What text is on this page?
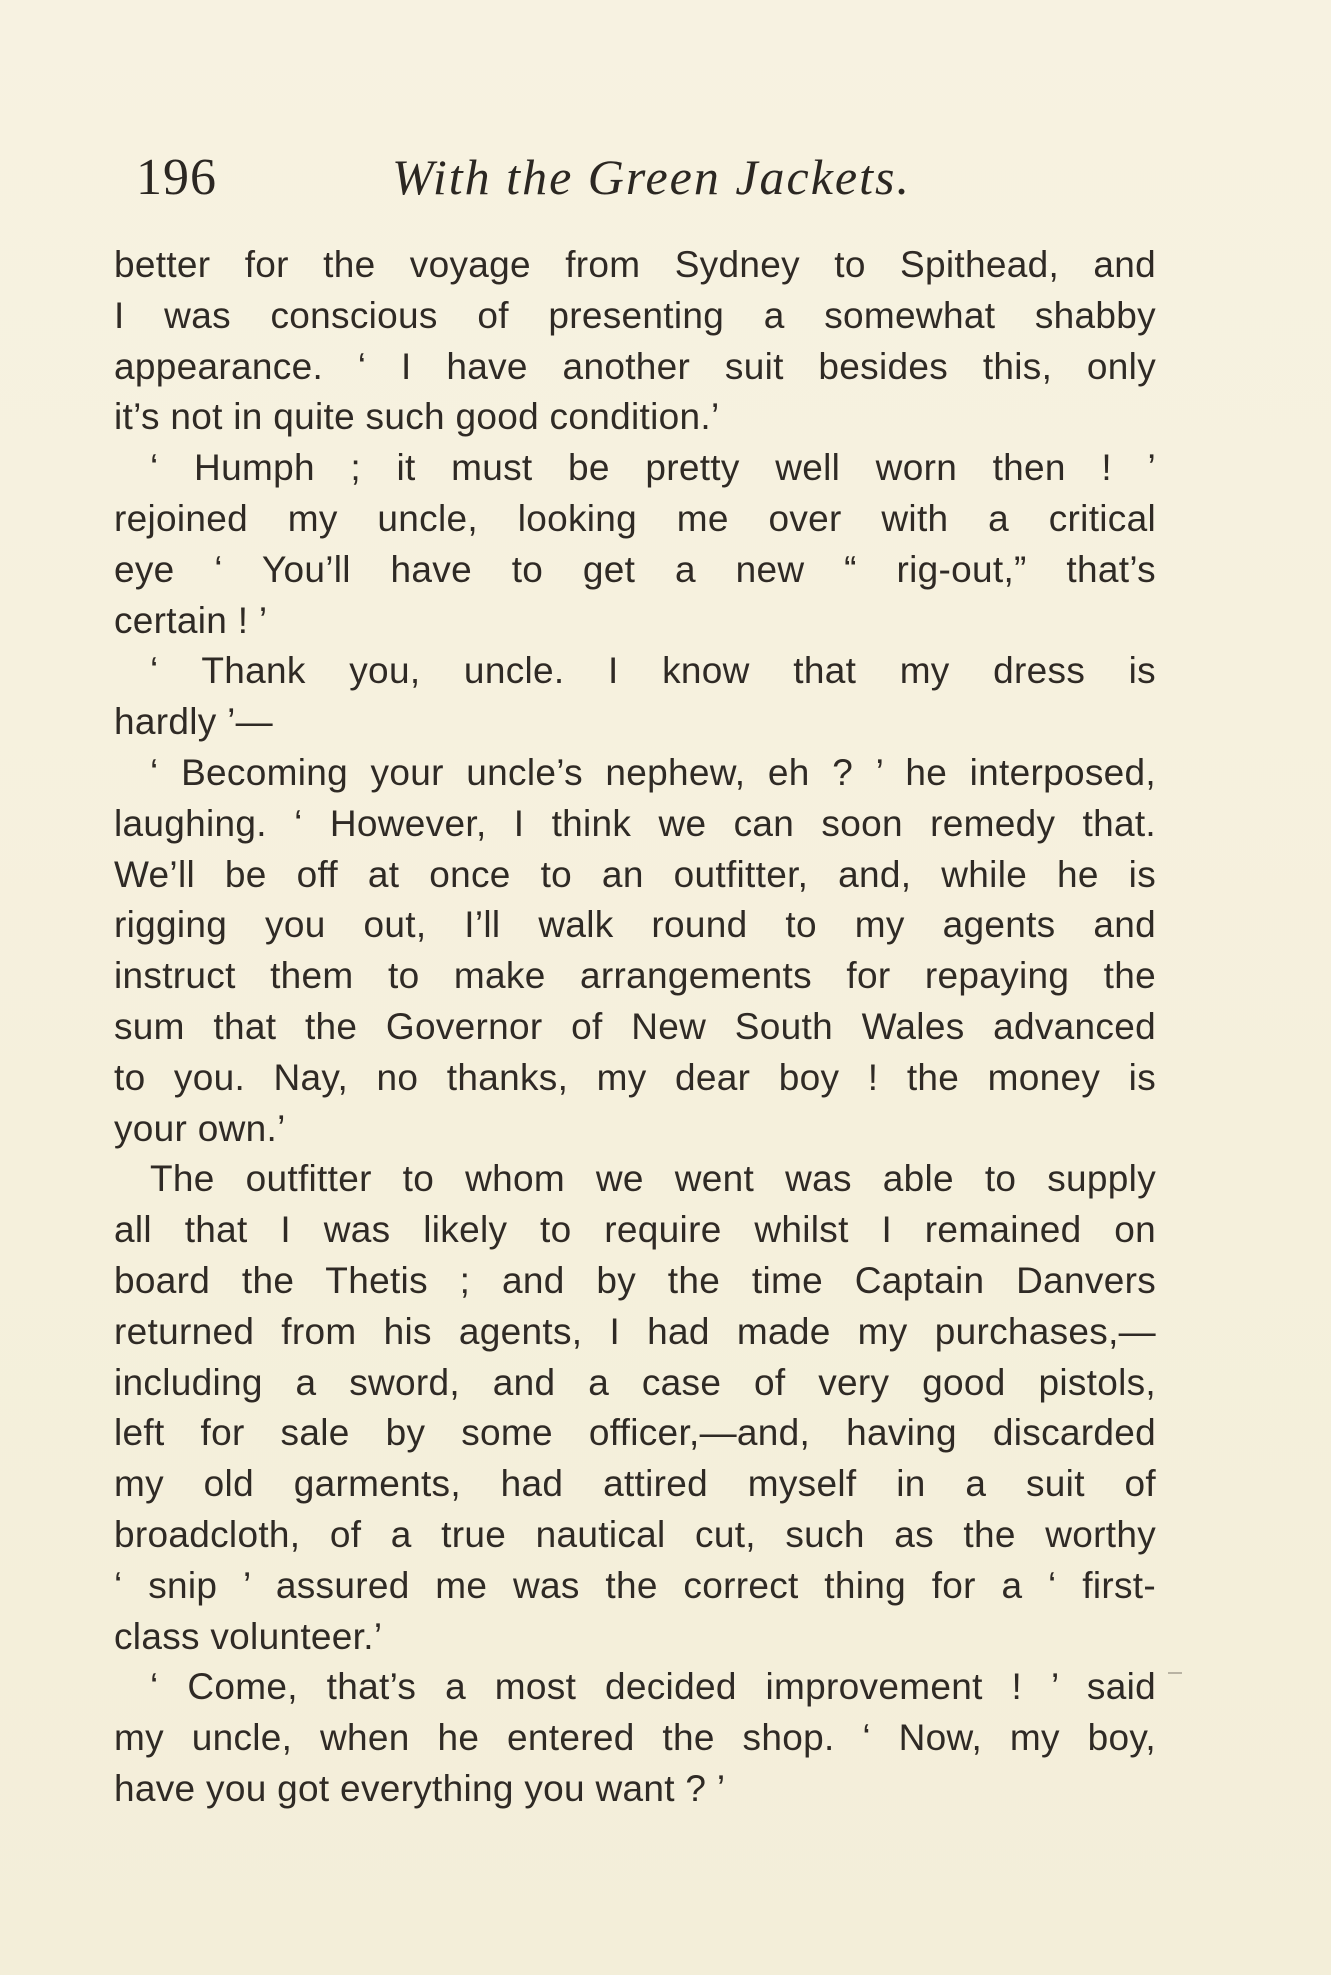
196	With the Green Jackets.
better for the voyage from Sydney to Spithead, and
I was conscious of presenting a somewhat shabby
appearance. ‘ I have another suit besides this, only
it’s not in quite such good condition.’
‘ Humph ; it must be pretty well worn then ! ’
rejoined my uncle, looking me over with a critical
eye ‘ You’ll have to get a new “ rig-out,” that’s
certain ! ’
‘ Thank you, uncle. I know that my dress is
hardly ’—
‘ Becoming your uncle’s nephew, eh ? ’ he interposed,
laughing. ‘ However, I think we can soon remedy that.
We’ll be off at once to an outfitter, and, while he is
rigging you out, I’ll walk round to my agents and
instruct them to make arrangements for repaying the
sum that the Governor of New South Wales advanced
to you. Nay, no thanks, my dear boy ! the money is
your own.’
The outfitter to whom we went was able to supply
all that I was likely to require whilst I remained on
board the Thetis ; and by the time Captain Danvers
returned from his agents, I had made my purchases,—
including a sword, and a case of very good pistols,
left for sale by some officer,—and, having discarded
my old garments, had attired myself in a suit of
broadcloth, of a true nautical cut, such as the worthy
‘ snip ’ assured me was the correct thing for a ‘ first-
class volunteer.’
‘ Come, that’s a most decided improvement ! ’ said
my uncle, when he entered the shop. ‘ Now, my boy,
have you got everything you want ? ’
